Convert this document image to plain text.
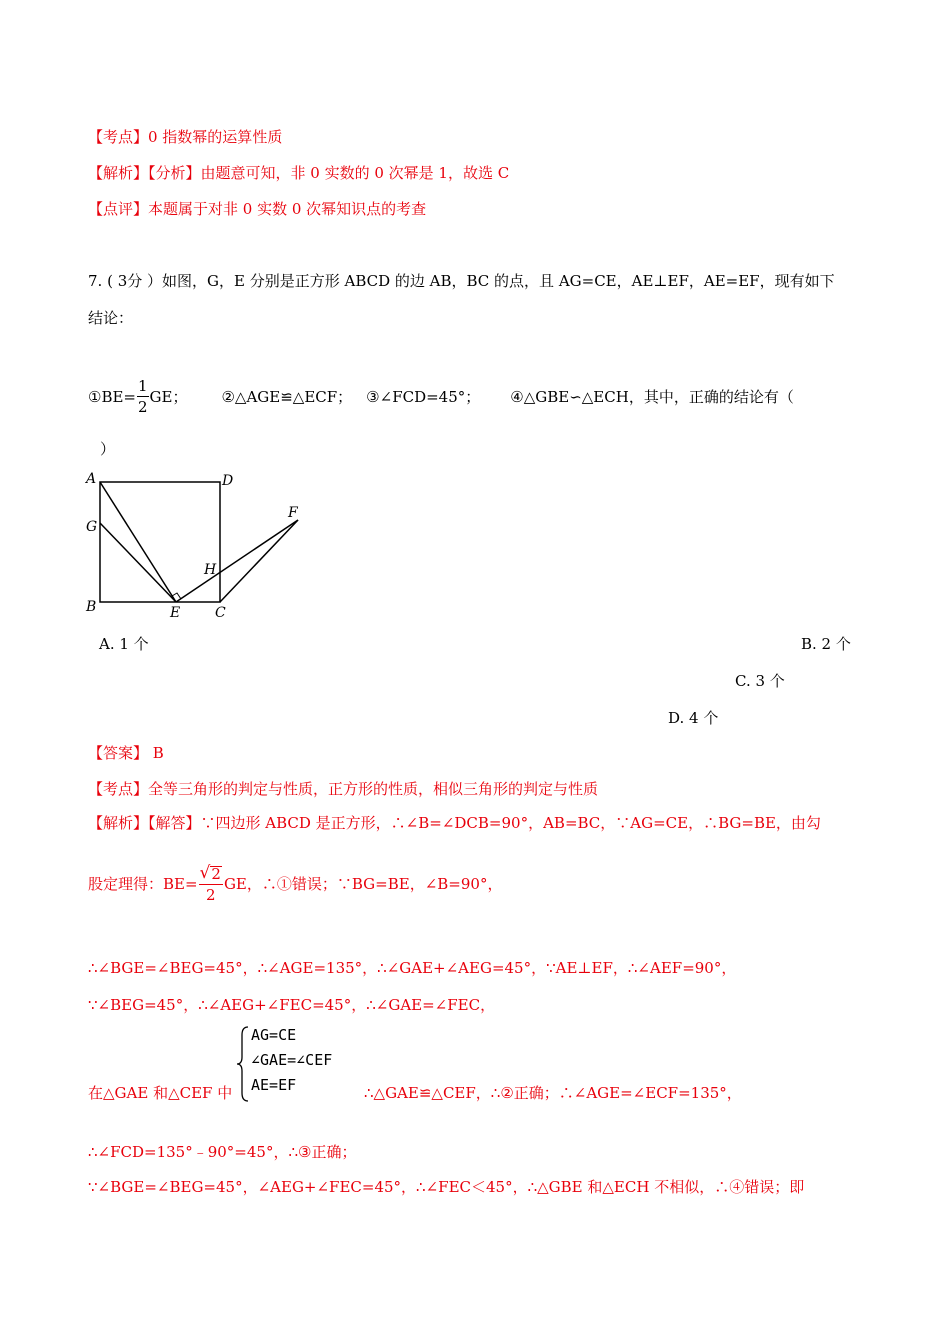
【考点】0 指数幂的运算性质
【解析】【分析】由题意可知，非 0 实数的 0 次幂是 1，故选 C
【点评】本题属于对非 0 实数 0 次幂知识点的考查
7. ( 3分 ）如图，G，E 分别是正方形 ABCD 的边 AB，BC 的点，且 AG=CE，AE⊥EF，AE=EF，现有如下
结论：
①BE= $\frac{1}{2}$ GE； ②△AGE≌△ECF； ③∠FCD=45°； ④△GBE∽△ECH，其中，正确的结论有（
）
A	D
G
F
H
B	E C
A. 1 个	B. 2 个
C. 3 个
D. 4 个
【答案】 B
【考点】全等三角形的判定与性质，正方形的性质，相似三角形的判定与性质
【解析】【解答】∵四边形 ABCD 是正方形，∴∠B=∠DCB=90°，AB=BC，∵AG=CE，∴BG=BE，由勾
股定理得：$BE= \frac{√ 2}{2}$ GE，∴①错误；∵BG=BE，∠B=90°，
∴∠BGE=∠BEG=45°，∴∠AGE=135°，∴∠GAE+∠AEG=45°，∵AE⊥EF，∴∠AEF=90°，
∵∠BEG=45°，∴∠AEG+∠FEC=45°，∴∠GAE=∠FEC，
AG=CE
∠GAE=∠CEF
AE=EF
在△GAE 和△CEF 中	∴△GAE≌△CEF，∴②正确；∴∠AGE=∠ECF=135°，
∴∠FCD=135°﹣90°=45°，∴③正确；
∵∠BGE=∠BEG=45°，∠AEG+∠FEC=45°，∴∠FEC＜45°，∴△GBE 和△ECH 不相似，∴④错误；即
